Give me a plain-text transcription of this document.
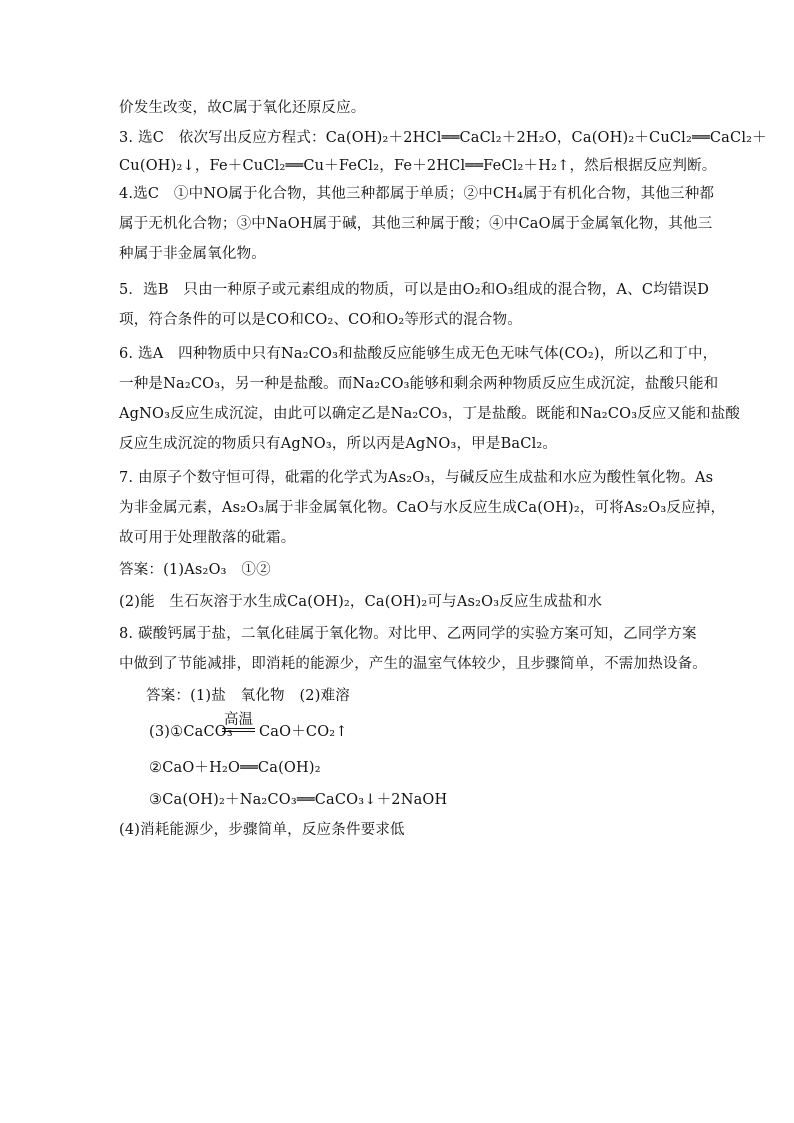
价发生改变，故C属于氧化还原反应。
3. 选C　依次写出反应方程式：Ca(OH)₂＋2HCl══CaCl₂＋2H₂O，Ca(OH)₂＋CuCl₂══CaCl₂＋
Cu(OH)₂↓，Fe＋CuCl₂══Cu＋FeCl₂，Fe＋2HCl══FeCl₂＋H₂↑，然后根据反应判断。
4.选C　①中NO属于化合物，其他三种都属于单质；②中CH₄属于有机化合物，其他三种都
属于无机化合物；③中NaOH属于碱，其他三种属于酸；④中CaO属于金属氧化物，其他三
种属于非金属氧化物。
5．选B　只由一种原子或元素组成的物质，可以是由O₂和O₃组成的混合物，A、C均错误D
项，符合条件的可以是CO和CO₂、CO和O₂等形式的混合物。
6. 选A　四种物质中只有Na₂CO₃和盐酸反应能够生成无色无味气体(CO₂)，所以乙和丁中，
一种是Na₂CO₃，另一种是盐酸。而Na₂CO₃能够和剩余两种物质反应生成沉淀，盐酸只能和
AgNO₃反应生成沉淀，由此可以确定乙是Na₂CO₃，丁是盐酸。既能和Na₂CO₃反应又能和盐酸
反应生成沉淀的物质只有AgNO₃，所以丙是AgNO₃，甲是BaCl₂。
7. 由原子个数守恒可得，砒霜的化学式为As₂O₃，与碱反应生成盐和水应为酸性氧化物。As
为非金属元素，As₂O₃属于非金属氧化物。CaO与水反应生成Ca(OH)₂，可将As₂O₃反应掉，
故可用于处理散落的砒霜。
答案：(1)As₂O₃　①②
(2)能　生石灰溶于水生成Ca(OH)₂，Ca(OH)₂可与As₂O₃反应生成盐和水
8. 碳酸钙属于盐，二氧化硅属于氧化物。对比甲、乙两同学的实验方案可知，乙同学方案
中做到了节能减排，即消耗的能源少，产生的温室气体较少，且步骤简单，不需加热设备。
答案：(1)盐　氧化物　(2)难溶
(3)①CaCO₃
高温
CaO＋CO₂↑
②CaO＋H₂O══Ca(OH)₂
③Ca(OH)₂＋Na₂CO₃══CaCO₃↓＋2NaOH
(4)消耗能源少，步骤简单，反应条件要求低
